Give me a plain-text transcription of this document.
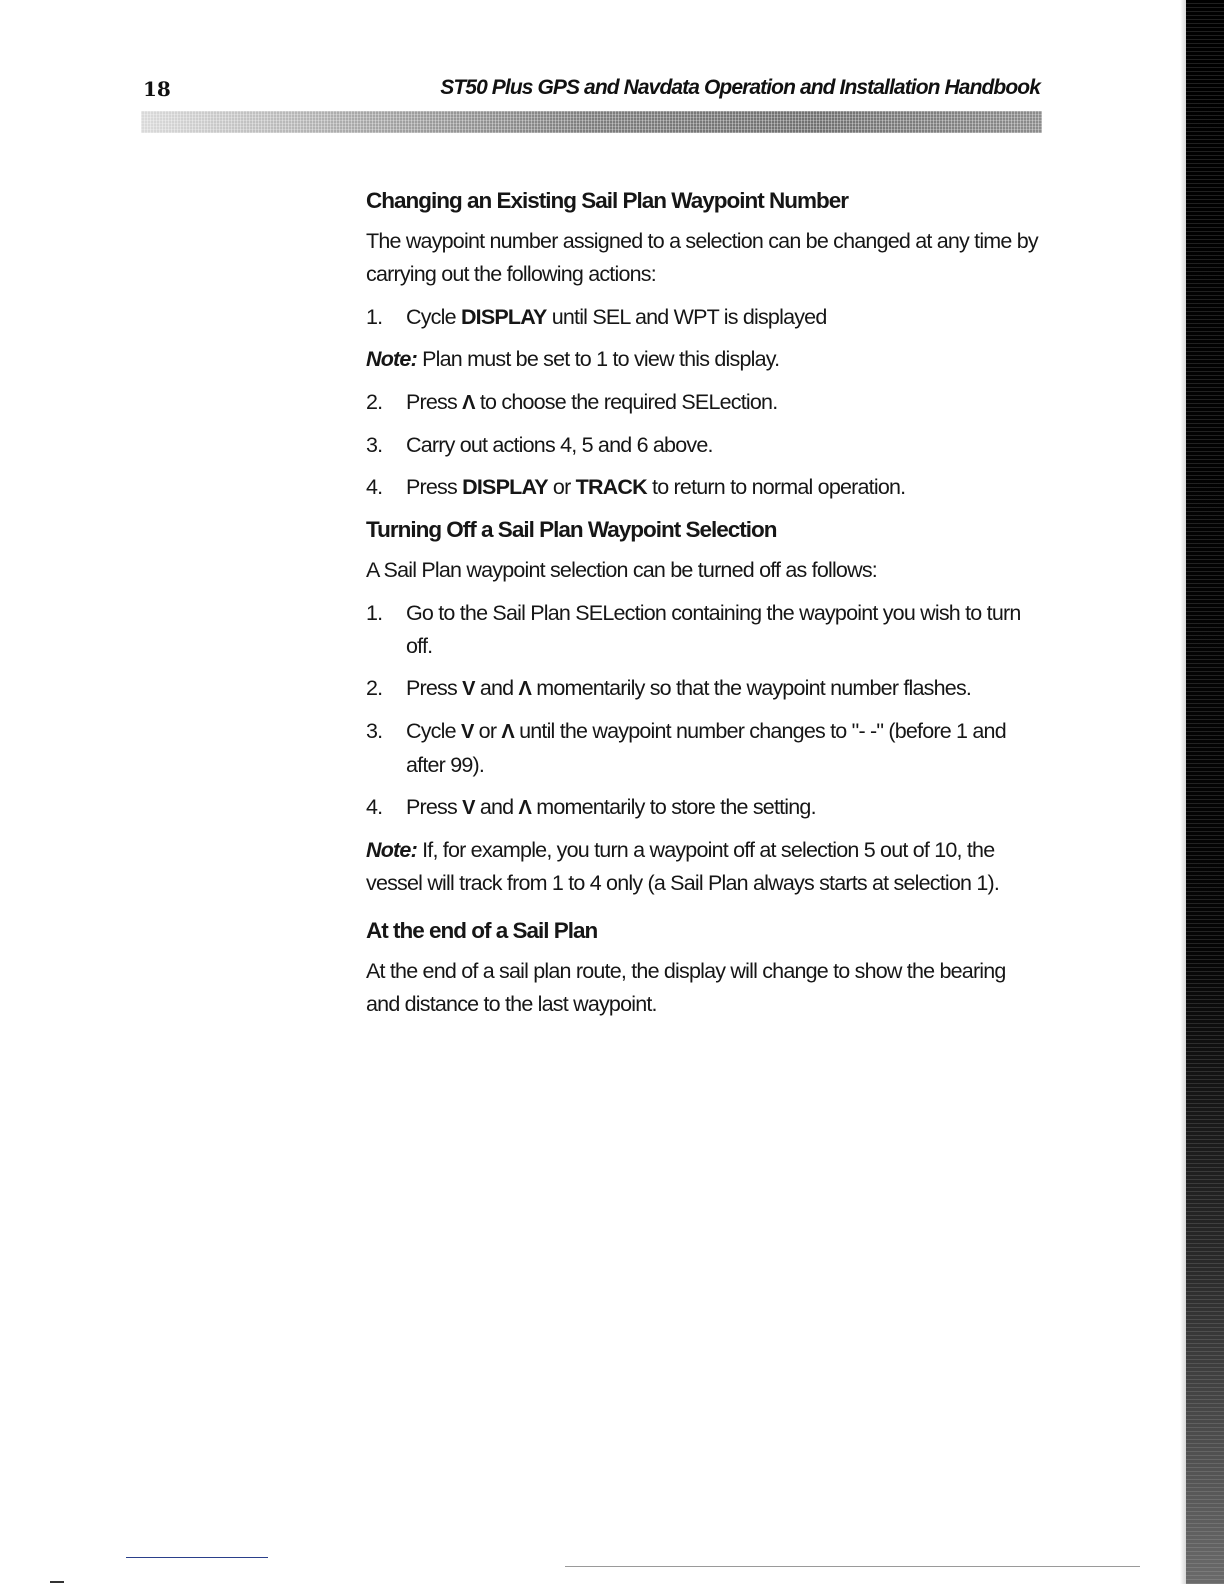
18	ST50 Plus GPS and Navdata Operation and Installation Handbook
Changing an Existing Sail Plan Waypoint Number

The waypoint number assigned to a selection can be changed at any time by carrying out the following actions:

1. Cycle DISPLAY until SEL and WPT is displayed

Note: Plan must be set to 1 to view this display.

2. Press Λ to choose the required SELection.
3. Carry out actions 4, 5 and 6 above.
4. Press DISPLAY or TRACK to return to normal operation.
Turning Off a Sail Plan Waypoint Selection

A Sail Plan waypoint selection can be turned off as follows:

1. Go to the Sail Plan SELection containing the waypoint you wish to turn off.
2. Press V and Λ momentarily so that the waypoint number flashes.
3. Cycle V or Λ until the waypoint number changes to "- -" (before 1 and after 99).
4. Press V and Λ momentarily to store the setting.

Note: If, for example, you turn a waypoint off at selection 5 out of 10, the vessel will track from 1 to 4 only (a Sail Plan always starts at selection 1).

At the end of a Sail Plan

At the end of a sail plan route, the display will change to show the bearing and distance to the last waypoint.
